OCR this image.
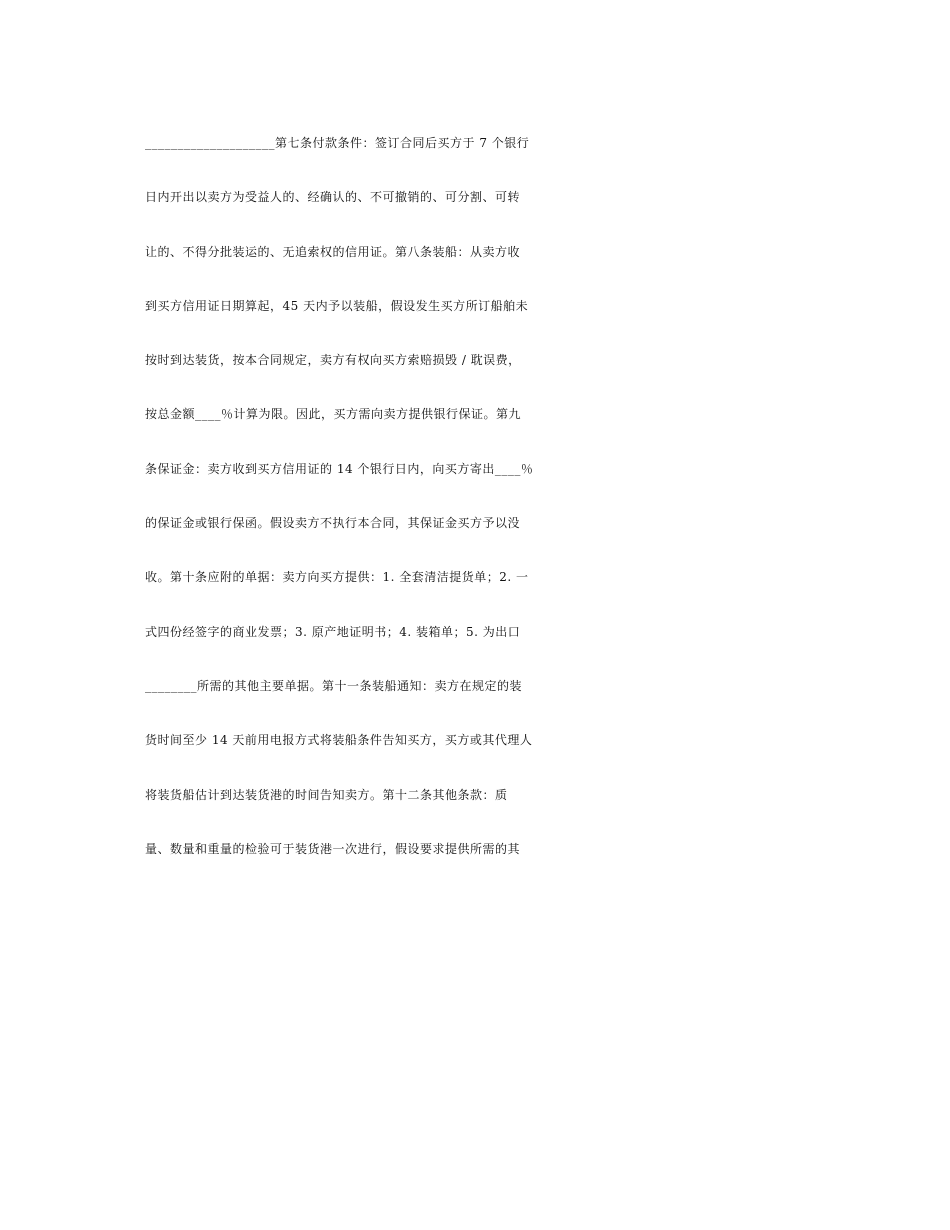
____________________第七条付款条件：签订合同后买方于 7 个银行
日内开出以卖方为受益人的、经确认的、不可撤销的、可分割、可转
让的、不得分批装运的、无追索权的信用证。第八条装船：从卖方收
到买方信用证日期算起，45 天内予以装船，假设发生买方所订船舶未
按时到达装货，按本合同规定，卖方有权向买方索赔损毁 / 耽误费，
按总金额____％计算为限。因此，买方需向卖方提供银行保证。第九
条保证金：卖方收到买方信用证的 14 个银行日内，向买方寄出____％
的保证金或银行保函。假设卖方不执行本合同，其保证金买方予以没
收。第十条应附的单据：卖方向买方提供：1. 全套清洁提货单；2. 一
式四份经签字的商业发票；3. 原产地证明书；4. 装箱单；5. 为出口
________所需的其他主要单据。第十一条装船通知：卖方在规定的装
货时间至少 14 天前用电报方式将装船条件告知买方，买方或其代理人
将装货船估计到达装货港的时间告知卖方。第十二条其他条款：质
量、数量和重量的检验可于装货港一次进行，假设要求提供所需的其
